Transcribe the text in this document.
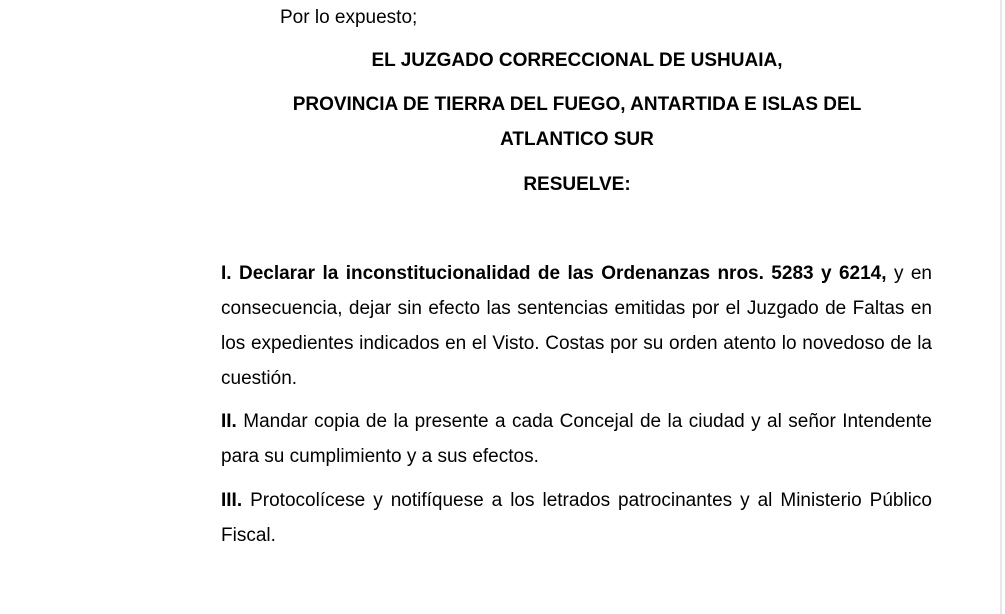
Por lo expuesto;

EL JUZGADO CORRECCIONAL DE USHUAIA,

PROVINCIA DE TIERRA DEL FUEGO, ANTARTIDA E ISLAS DEL

ATLANTICO SUR

RESUELVE:

I. Declarar la inconstitucionalidad de las Ordenanzas nros. 5283 y 6214, y en consecuencia, dejar sin efecto las sentencias emitidas por el Juzgado de Faltas en los expedientes indicados en el Visto. Costas por su orden atento lo novedoso de la cuestión.

II. Mandar copia de la presente a cada Concejal de la ciudad y al señor Intendente para su cumplimiento y a sus efectos.

III. Protocolícese y notifíquese a los letrados patrocinantes y al Ministerio Público Fiscal.
